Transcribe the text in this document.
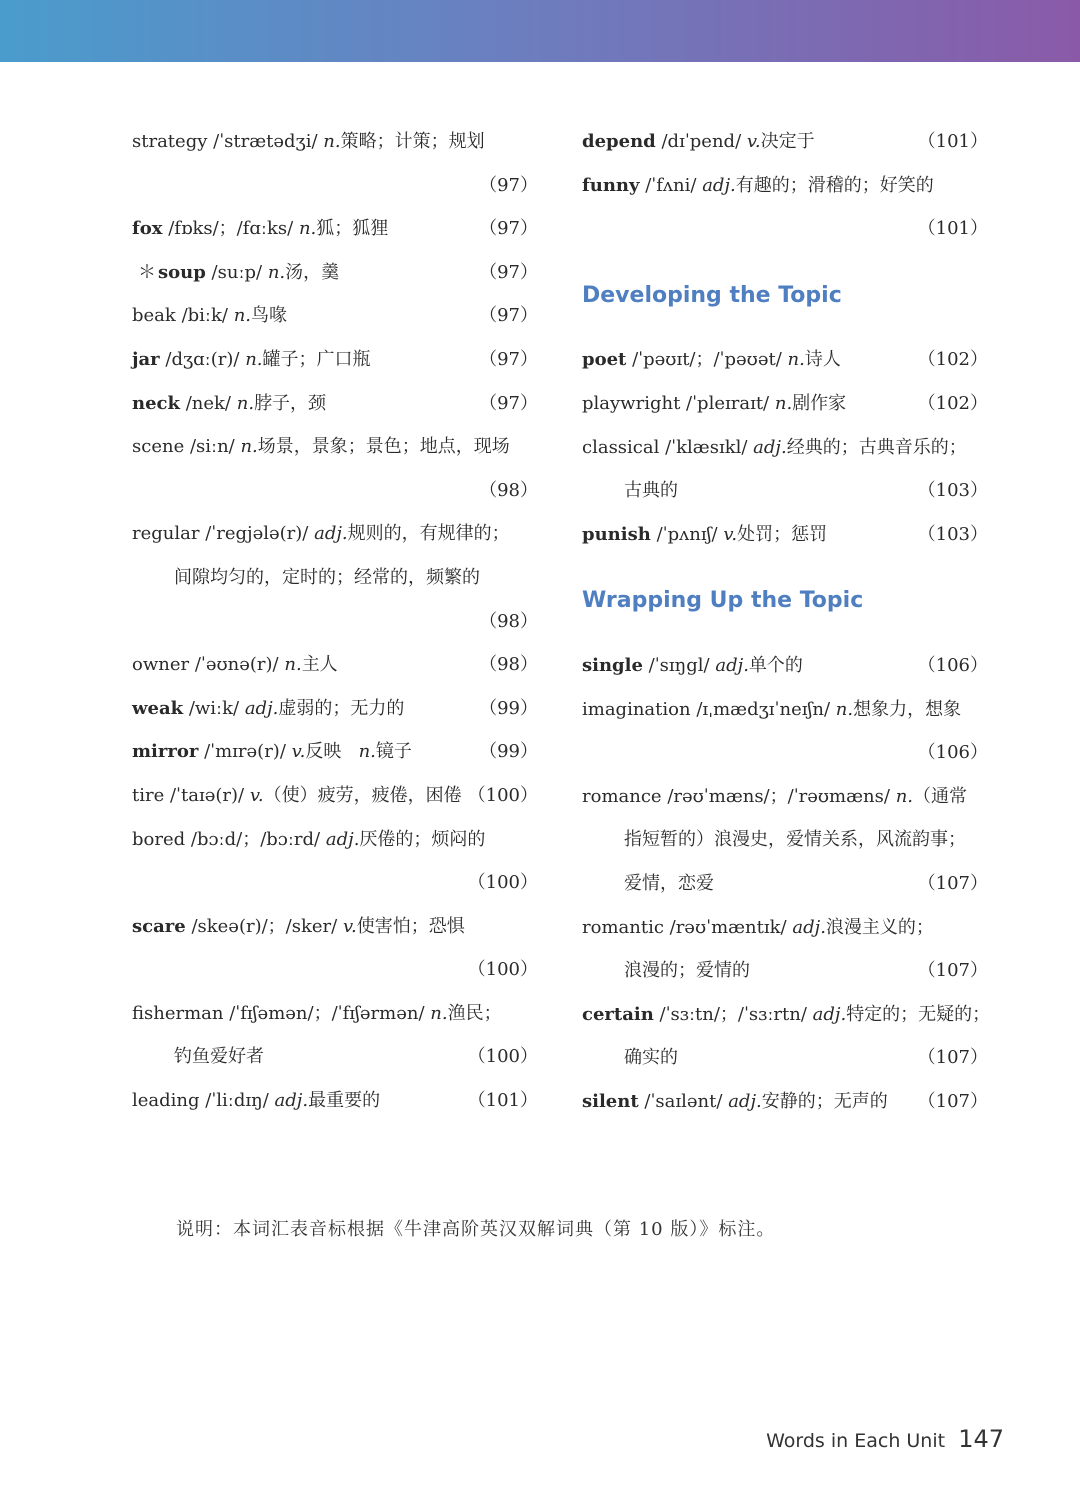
strategy /ˈstrætədʒi/ n.策略；计策；规划
（97）
fox /fɒks/；/fɑːks/ n.狐；狐狸	（97）
＊ soup /suːp/ n.汤，羹	（97）
beak /biːk/ n.鸟喙	（97）
jar /dʒɑː(r)/ n.罐子；广口瓶	（97）
neck /nek/ n.脖子，颈	（97）
scene /siːn/ n.场景，景象；景色；地点，现场
（98）
regular /ˈregjələ(r)/ adj.规则的，有规律的；
间隙均匀的，定时的；经常的，频繁的
（98）
owner /ˈəʊnə(r)/ n.主人	（98）
weak /wiːk/ adj.虚弱的；无力的	（99）
mirror /ˈmɪrə(r)/ v.反映 n.镜子	（99）
tire /ˈtaɪə(r)/ v.（使）疲劳，疲倦，困倦 （100）
bored /bɔːd/；/bɔːrd/ adj.厌倦的；烦闷的
（100）
scare /skeə(r)/；/sker/ v.使害怕；恐惧
（100）
fisherman /ˈfɪʃəmən/；/ˈfɪʃərmən/ n.渔民；
钓鱼爱好者	（100）
leading /ˈliːdɪŋ/ adj.最重要的	（101）
depend /dɪˈpend/ v.决定于	（101）
funny /ˈfʌni/ adj.有趣的；滑稽的；好笑的
（101）
Developing the Topic
poet /ˈpəʊɪt/；/ˈpəʊət/ n.诗人	（102）
playwright /ˈpleɪraɪt/ n.剧作家	（102）
classical /ˈklæsɪkl/ adj.经典的；古典音乐的；
古典的	（103）
punish /ˈpʌnɪʃ/ v.处罚；惩罚	（103）
Wrapping Up the Topic
single /ˈsɪŋgl/ adj.单个的	（106）
imagination /ɪˌmædʒɪˈneɪʃn/ n.想象力，想象
（106）
romance /rəʊˈmæns/；/ˈrəʊmæns/ n.（通常
指短暂的）浪漫史，爱情关系，风流韵事；
爱情，恋爱	（107）
romantic /rəʊˈmæntɪk/ adj.浪漫主义的；
浪漫的；爱情的	（107）
certain /ˈsɜːtn/；/ˈsɜːrtn/ adj.特定的；无疑的；
确实的	（107）
silent /ˈsaɪlənt/ adj.安静的；无声的 （107）
说明：本词汇表音标根据《牛津高阶英汉双解词典（第 10 版）》标注。
Words in Each Unit 147
